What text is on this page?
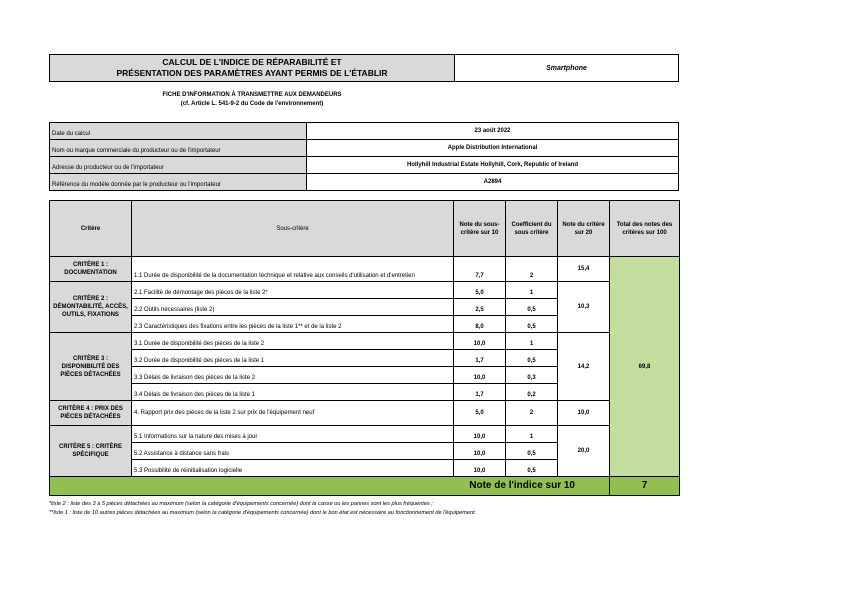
CALCUL DE L'INDICE DE RÉPARABILITÉ ET
PRÉSENTATION DES PARAMÈTRES AYANT PERMIS DE L'ÉTABLIR	Smartphone
FICHE D'INFORMATION À TRANSMETTRE AUX DEMANDEURS
(cf. Article L. 541-9-2 du Code de l'environnement)
Date du calcul	23 août 2022
Nom ou marque commerciale du producteur ou de l'importateur	Apple Distribution International
Adresse du producteur ou de l'importateur	Hollyhill Industrial Estate Hollyhill, Cork, Republic of Ireland
Référence du modèle donnée par le producteur ou l'importateur	A2894
Critère	Sous-critère	Note du sous-critère sur 10	Coefficient du sous critère	Note du critère sur 20	Total des notes des critères sur 100
CRITÈRE 1 : DOCUMENTATION	1.1 Durée de disponibilité de la documentation technique et relative aux conseils d'utilisation et d'entretien	7,7	2	15,4	69,8
CRITÈRE 2 : DÉMONTABILITÉ, ACCÈS, OUTILS, FIXATIONS	2.1 Facilité de démontage des pièces de la liste 2*	5,0	1	10,3	
	2.2 Outils nécessaires (liste 2)	2,5	0,5		
	2.3 Caractéristiques des fixations entre les pièces de la liste 1** et de la liste 2	8,0	0,5		
CRITÈRE 3 : DISPONIBILITÉ DES PIÈCES DÉTACHÉES	3.1 Durée de disponibilité des pièces de la liste 2	10,0	1	14,2	
	3.2 Durée de disponibilité des pièces de la liste 1	1,7	0,5		
	3.3 Délais de livraison des pièces de la liste 2	10,0	0,3		
	3.4 Délais de livraison des pièces de la liste 1	1,7	0,2		
CRITÈRE 4 : PRIX DES PIÈCES DÉTACHÉES	4. Rapport prix des pièces de la liste 2 sur prix de l'équipement neuf	5,0	2	10,0	
CRITÈRE 5 : CRITÈRE SPÉCIFIQUE	5.1 Informations sur la nature des mises à jour	10,0	1	20,0	
	5.2 Assistance à distance sans frais	10,0	0,5		
	5.3 Possibilité de réinitialisation logicielle	10,0	0,5		
Note de l'indice sur 10					7
*liste 2 : liste des 3 à 5 pièces détachées au maximum (selon la catégorie d'équipements concernée) dont la casse ou les pannes sont les plus fréquentes ;
**liste 1 : liste de 10 autres pièces détachées au maximum (selon la catégorie d'équipements concernée) dont le bon état est nécessaire au fonctionnement de l'équipement.
